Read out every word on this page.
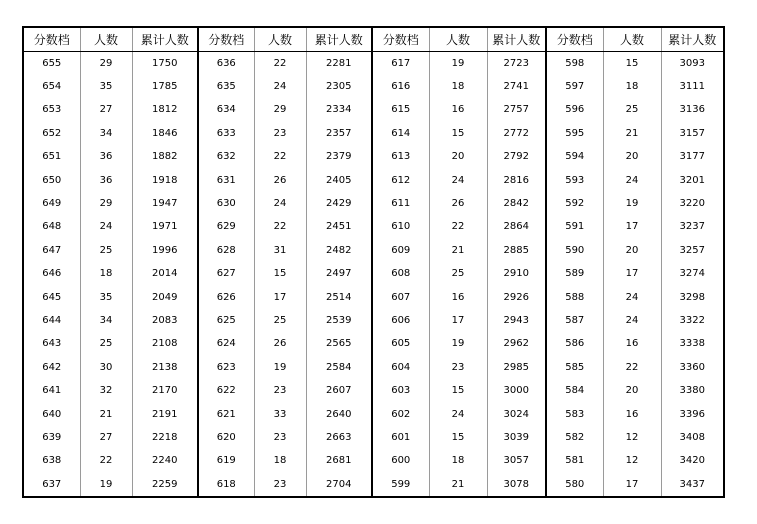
分数档	人数	累计人数	分数档	人数	累计人数	分数档	人数	累计人数	分数档	人数	累计人数
655	29	1750	636	22	2281	617	19	2723	598	15	3093
654	35	1785	635	24	2305	616	18	2741	597	18	3111
653	27	1812	634	29	2334	615	16	2757	596	25	3136
652	34	1846	633	23	2357	614	15	2772	595	21	3157
651	36	1882	632	22	2379	613	20	2792	594	20	3177
650	36	1918	631	26	2405	612	24	2816	593	24	3201
649	29	1947	630	24	2429	611	26	2842	592	19	3220
648	24	1971	629	22	2451	610	22	2864	591	17	3237
647	25	1996	628	31	2482	609	21	2885	590	20	3257
646	18	2014	627	15	2497	608	25	2910	589	17	3274
645	35	2049	626	17	2514	607	16	2926	588	24	3298
644	34	2083	625	25	2539	606	17	2943	587	24	3322
643	25	2108	624	26	2565	605	19	2962	586	16	3338
642	30	2138	623	19	2584	604	23	2985	585	22	3360
641	32	2170	622	23	2607	603	15	3000	584	20	3380
640	21	2191	621	33	2640	602	24	3024	583	16	3396
639	27	2218	620	23	2663	601	15	3039	582	12	3408
638	22	2240	619	18	2681	600	18	3057	581	12	3420
637	19	2259	618	23	2704	599	21	3078	580	17	3437
